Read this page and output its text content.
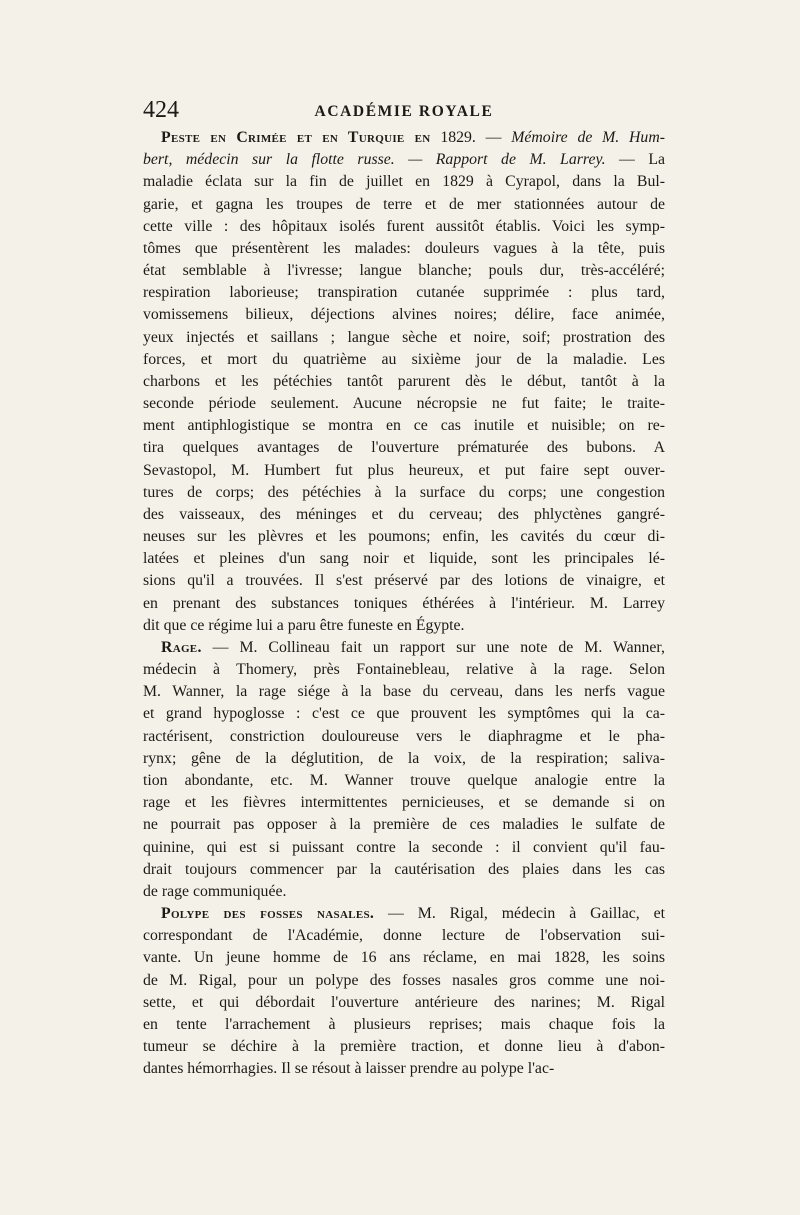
424	ACADÉMIE ROYALE
Peste en Crimée et en Turquie en 1829. — Mémoire de M. Hum-
bert, médecin sur la flotte russe. — Rapport de M. Larrey. — La
maladie éclata sur la fin de juillet en 1829 à Cyrapol, dans la Bul-
garie, et gagna les troupes de terre et de mer stationnées autour de
cette ville : des hôpitaux isolés furent aussitôt établis. Voici les symp-
tômes que présentèrent les malades: douleurs vagues à la tête, puis
état semblable à l'ivresse; langue blanche; pouls dur, très-accéléré;
respiration laborieuse; transpiration cutanée supprimée : plus tard,
vomissemens bilieux, déjections alvines noires; délire, face animée,
yeux injectés et saillans ; langue sèche et noire, soif; prostration des
forces, et mort du quatrième au sixième jour de la maladie. Les
charbons et les pétéchies tantôt parurent dès le début, tantôt à la
seconde période seulement. Aucune nécropsie ne fut faite; le traite-
ment antiphlogistique se montra en ce cas inutile et nuisible; on re-
tira quelques avantages de l'ouverture prématurée des bubons. A
Sevastopol, M. Humbert fut plus heureux, et put faire sept ouver-
tures de corps; des pétéchies à la surface du corps; une congestion
des vaisseaux, des méninges et du cerveau; des phlyctènes gangré-
neuses sur les plèvres et les poumons; enfin, les cavités du cœur di-
latées et pleines d'un sang noir et liquide, sont les principales lé-
sions qu'il a trouvées. Il s'est préservé par des lotions de vinaigre, et
en prenant des substances toniques éthérées à l'intérieur. M. Larrey
dit que ce régime lui a paru être funeste en Égypte.
Rage. — M. Collineau fait un rapport sur une note de M. Wanner,
médecin à Thomery, près Fontainebleau, relative à la rage. Selon
M. Wanner, la rage siége à la base du cerveau, dans les nerfs vague
et grand hypoglosse : c'est ce que prouvent les symptômes qui la ca-
ractérisent, constriction douloureuse vers le diaphragme et le pha-
rynx; gêne de la déglutition, de la voix, de la respiration; saliva-
tion abondante, etc. M. Wanner trouve quelque analogie entre la
rage et les fièvres intermittentes pernicieuses, et se demande si on
ne pourrait pas opposer à la première de ces maladies le sulfate de
quinine, qui est si puissant contre la seconde : il convient qu'il fau-
drait toujours commencer par la cautérisation des plaies dans les cas
de rage communiquée.
Polype des fosses nasales. — M. Rigal, médecin à Gaillac, et
correspondant de l'Académie, donne lecture de l'observation sui-
vante. Un jeune homme de 16 ans réclame, en mai 1828, les soins
de M. Rigal, pour un polype des fosses nasales gros comme une noi-
sette, et qui débordait l'ouverture antérieure des narines; M. Rigal
en tente l'arrachement à plusieurs reprises; mais chaque fois la
tumeur se déchire à la première traction, et donne lieu à d'abon-
dantes hémorrhagies. Il se résout à laisser prendre au polype l'ac-
